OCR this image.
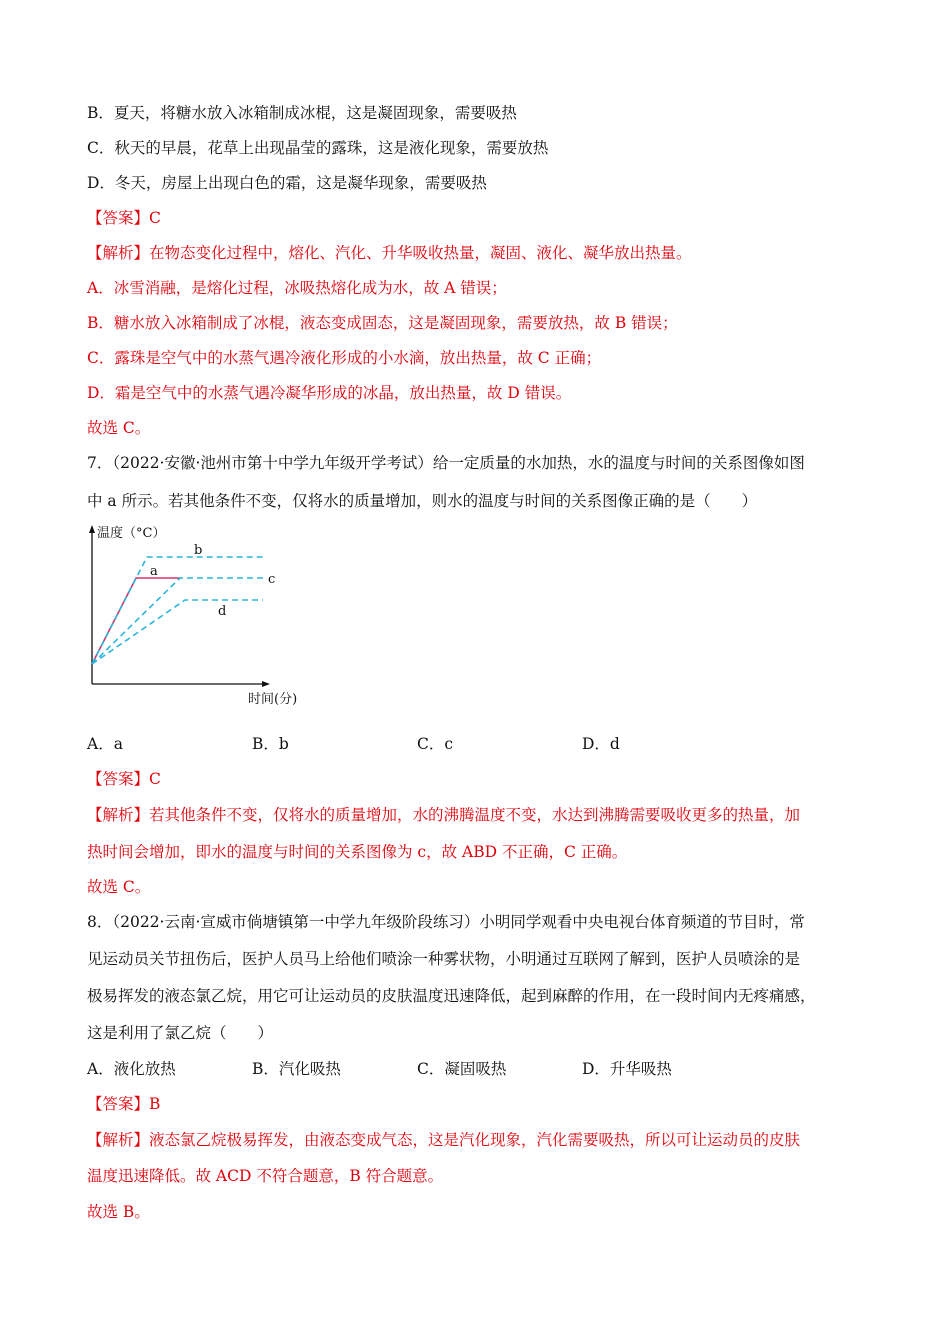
B．夏天，将糖水放入冰箱制成冰棍，这是凝固现象，需要吸热
C．秋天的早晨，花草上出现晶莹的露珠，这是液化现象，需要放热
D．冬天，房屋上出现白色的霜，这是凝华现象，需要吸热
【答案】C
【解析】在物态变化过程中，熔化、汽化、升华吸收热量，凝固、液化、凝华放出热量。
A．冰雪消融，是熔化过程，冰吸热熔化成为水，故 A 错误；
B．糖水放入冰箱制成了冰棍，液态变成固态，这是凝固现象，需要放热，故 B 错误；
C．露珠是空气中的水蒸气遇冷液化形成的小水滴，放出热量，故 C 正确；
D．霜是空气中的水蒸气遇冷凝华形成的冰晶，放出热量，故 D 错误。
故选 C。
7．（2022·安徽·池州市第十中学九年级开学考试）给一定质量的水加热，水的温度与时间的关系图像如图
中 a 所示。若其他条件不变，仅将水的质量增加，则水的温度与时间的关系图像正确的是（　　）
温度（°C）
时间(分)
a
b
c
d
A．a	B．b	C．c	D．d
【答案】C
【解析】若其他条件不变，仅将水的质量增加，水的沸腾温度不变，水达到沸腾需要吸收更多的热量，加
热时间会增加，即水的温度与时间的关系图像为 c，故 ABD 不正确，C 正确。
故选 C。
8．（2022·云南·宣威市倘塘镇第一中学九年级阶段练习）小明同学观看中央电视台体育频道的节目时，常
见运动员关节扭伤后，医护人员马上给他们喷涂一种雾状物，小明通过互联网了解到，医护人员喷涂的是
极易挥发的液态氯乙烷，用它可让运动员的皮肤温度迅速降低，起到麻醉的作用，在一段时间内无疼痛感，
这是利用了氯乙烷（　　）
A．液化放热	B．汽化吸热	C．凝固吸热	D．升华吸热
【答案】B
【解析】液态氯乙烷极易挥发，由液态变成气态，这是汽化现象，汽化需要吸热，所以可让运动员的皮肤
温度迅速降低。故 ACD 不符合题意，B 符合题意。
故选 B。
